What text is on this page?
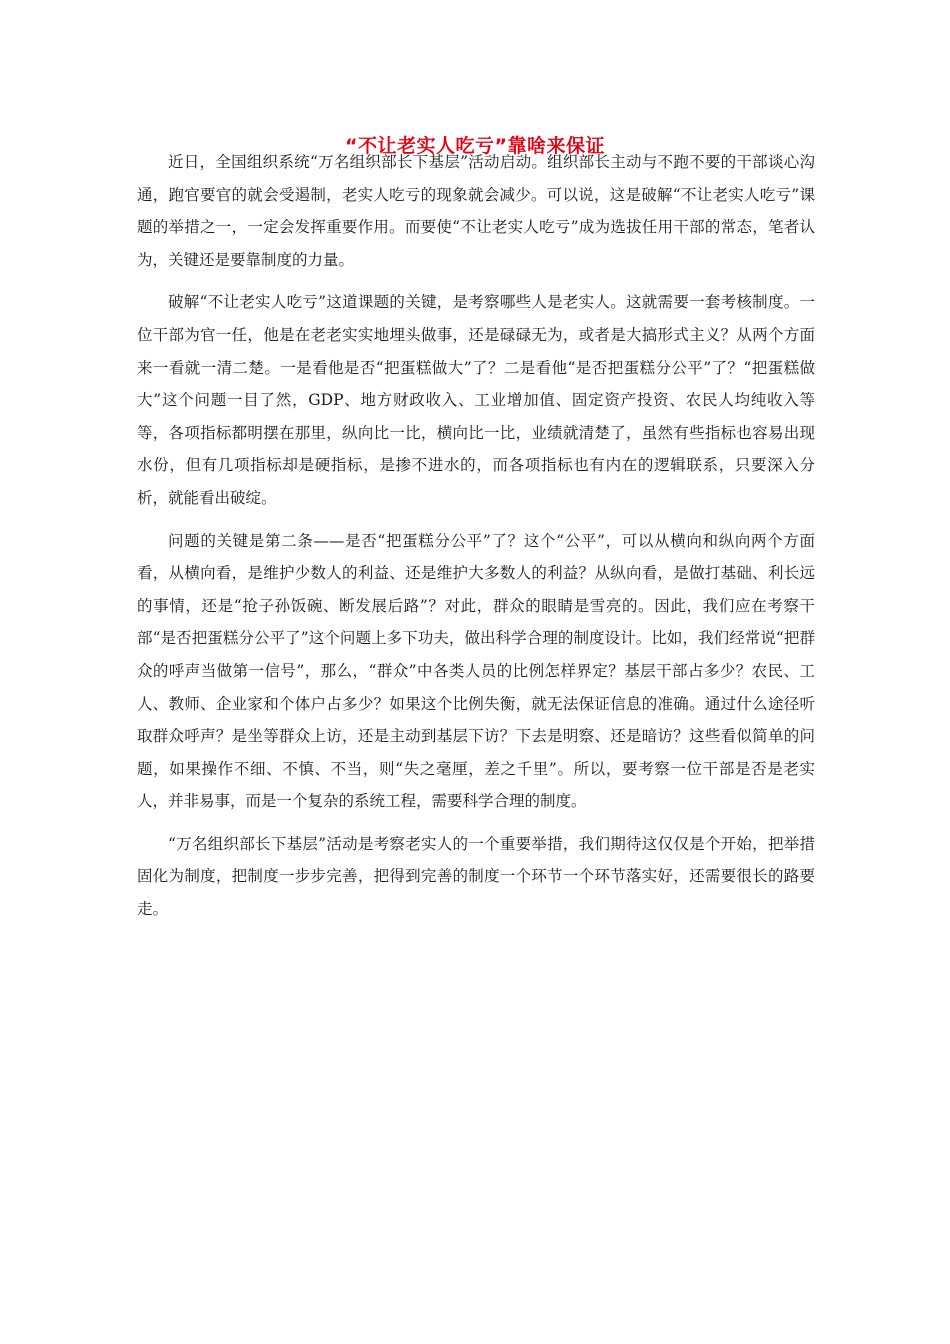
“不让老实人吃亏”靠啥来保证

近日，全国组织系统“万名组织部长下基层”活动启动。组织部长主动与不跑不要的干部谈心沟通，跑官要官的就会受遏制，老实人吃亏的现象就会减少。可以说，这是破解“不让老实人吃亏”课题的举措之一，一定会发挥重要作用。而要使“不让老实人吃亏”成为选拔任用干部的常态，笔者认为，关键还是要靠制度的力量。

破解“不让老实人吃亏”这道课题的关键，是考察哪些人是老实人。这就需要一套考核制度。一位干部为官一任，他是在老老实实地埋头做事，还是碌碌无为，或者是大搞形式主义？从两个方面来一看就一清二楚。一是看他是否“把蛋糕做大”了？二是看他“是否把蛋糕分公平”了？“把蛋糕做大”这个问题一目了然，GDP、地方财政收入、工业增加值、固定资产投资、农民人均纯收入等等，各项指标都明摆在那里，纵向比一比，横向比一比，业绩就清楚了，虽然有些指标也容易出现水份，但有几项指标却是硬指标，是掺不进水的，而各项指标也有内在的逻辑联系，只要深入分析，就能看出破绽。

问题的关键是第二条——是否“把蛋糕分公平”了？这个“公平”，可以从横向和纵向两个方面看，从横向看，是维护少数人的利益、还是维护大多数人的利益？从纵向看，是做打基础、利长远的事情，还是“抢子孙饭碗、断发展后路”？对此，群众的眼睛是雪亮的。因此，我们应在考察干部“是否把蛋糕分公平了”这个问题上多下功夫，做出科学合理的制度设计。比如，我们经常说“把群众的呼声当做第一信号”，那么，“群众”中各类人员的比例怎样界定？基层干部占多少？农民、工人、教师、企业家和个体户占多少？如果这个比例失衡，就无法保证信息的准确。通过什么途径听取群众呼声？是坐等群众上访，还是主动到基层下访？下去是明察、还是暗访？这些看似简单的问题，如果操作不细、不慎、不当，则“失之毫厘，差之千里”。所以，要考察一位干部是否是老实人，并非易事，而是一个复杂的系统工程，需要科学合理的制度。

“万名组织部长下基层”活动是考察老实人的一个重要举措，我们期待这仅仅是个开始，把举措固化为制度，把制度一步步完善，把得到完善的制度一个环节一个环节落实好，还需要很长的路要走。
